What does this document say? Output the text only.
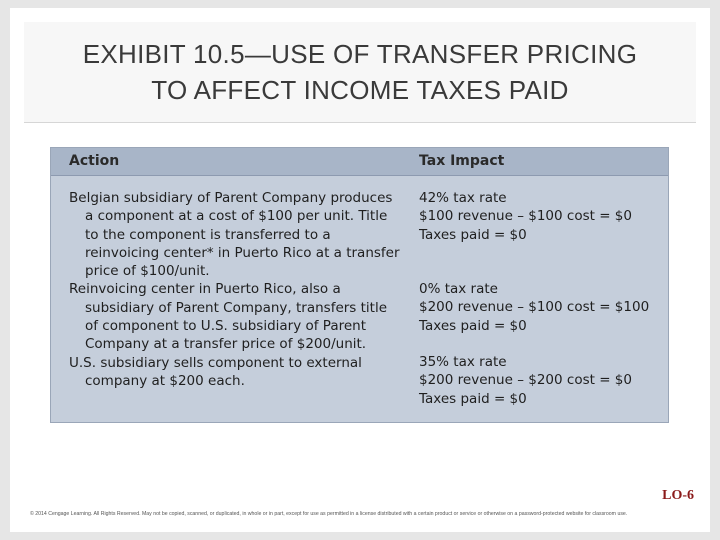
EXHIBIT 10.5—USE OF TRANSFER PRICING
TO AFFECT INCOME TAXES PAID
Action	Tax Impact

Belgian subsidiary of Parent Company produces a component at a cost of $100 per unit. Title to the component is transferred to a reinvoicing center* in Puerto Rico at a transfer price of $100/unit.

Reinvoicing center in Puerto Rico, also a subsidiary of Parent Company, transfers title of component to U.S. subsidiary of Parent Company at a transfer price of $200/unit.

U.S. subsidiary sells component to external company at $200 each.

42% tax rate

$100 revenue – $100 cost = $0

Taxes paid = $0

0% tax rate

$200 revenue – $100 cost = $100

Taxes paid = $0

35% tax rate

$200 revenue – $200 cost = $0

Taxes paid = $0

LO-6
© 2014 Cengage Learning. All Rights Reserved. May not be copied, scanned, or duplicated, in whole or in part, except for use as permitted in a license distributed with a certain product or service or otherwise on a password-protected website for classroom use.
